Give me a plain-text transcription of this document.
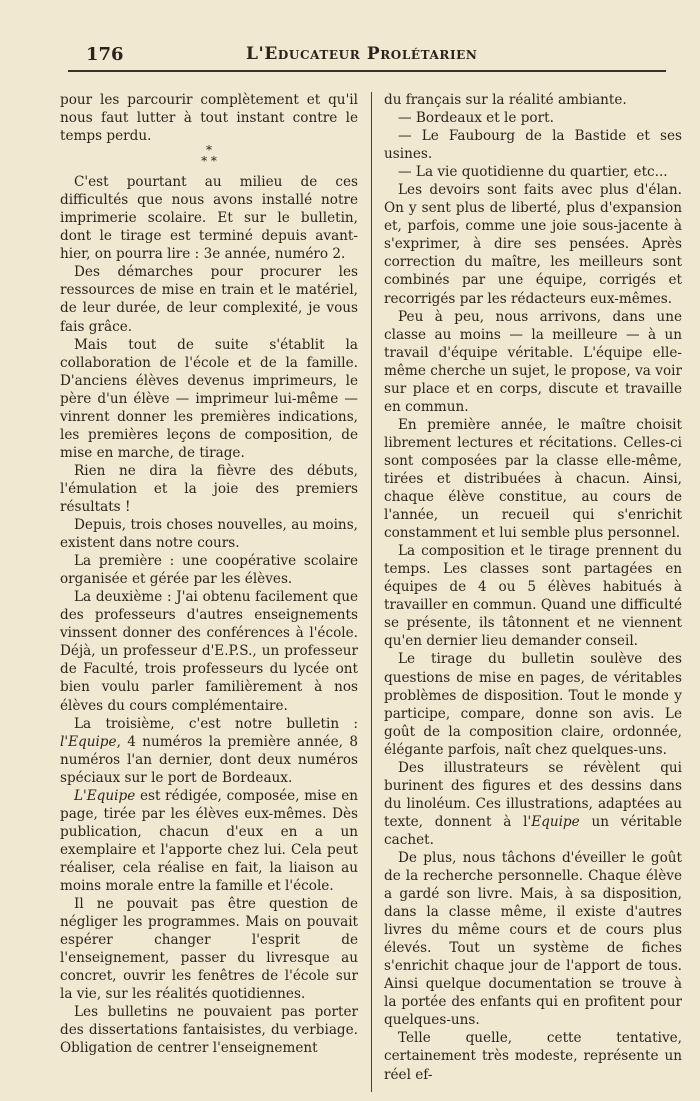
176	L'Educateur Prolétarien

pour les parcourir complètement et qu'il nous faut lutter à tout instant contre le temps perdu.

*
* *

C'est pourtant au milieu de ces difficultés que nous avons installé notre imprimerie scolaire. Et sur le bulletin, dont le tirage est terminé depuis avant-hier, on pourra lire : 3e année, numéro 2.

Des démarches pour procurer les ressources de mise en train et le matériel, de leur durée, de leur complexité, je vous fais grâce.

Mais tout de suite s'établit la collaboration de l'école et de la famille. D'anciens élèves devenus imprimeurs, le père d'un élève — imprimeur lui-même — vinrent donner les premières indications, les premières leçons de composition, de mise en marche, de tirage.

Rien ne dira la fièvre des débuts, l'émulation et la joie des premiers résultats !

Depuis, trois choses nouvelles, au moins, existent dans notre cours.

La première : une coopérative scolaire organisée et gérée par les élèves.

La deuxième : J'ai obtenu facilement que des professeurs d'autres enseignements vinssent donner des conférences à l'école. Déjà, un professeur d'E.P.S., un professeur de Faculté, trois professeurs du lycée ont bien voulu parler familièrement à nos élèves du cours complémentaire.

La troisième, c'est notre bulletin : l'Equipe, 4 numéros la première année, 8 numéros l'an dernier, dont deux numéros spéciaux sur le port de Bordeaux.

L'Equipe est rédigée, composée, mise en page, tirée par les élèves eux-mêmes. Dès publication, chacun d'eux en a un exemplaire et l'apporte chez lui. Cela peut réaliser, cela réalise en fait, la liaison au moins morale entre la famille et l'école.

Il ne pouvait pas être question de négliger les programmes. Mais on pouvait espérer changer l'esprit de l'enseignement, passer du livresque au concret, ouvrir les fenêtres de l'école sur la vie, sur les réalités quotidiennes.

Les bulletins ne pouvaient pas porter des dissertations fantaisistes, du verbiage. Obligation de centrer l'enseignement

du français sur la réalité ambiante.

— Bordeaux et le port.

— Le Faubourg de la Bastide et ses usines.

— La vie quotidienne du quartier, etc...

Les devoirs sont faits avec plus d'élan. On y sent plus de liberté, plus d'expansion et, parfois, comme une joie sous-jacente à s'exprimer, à dire ses pensées. Après correction du maître, les meilleurs sont combinés par une équipe, corrigés et recorrigés par les rédacteurs eux-mêmes.

Peu à peu, nous arrivons, dans une classe au moins — la meilleure — à un travail d'équipe véritable. L'équipe elle-même cherche un sujet, le propose, va voir sur place et en corps, discute et travaille en commun.

En première année, le maître choisit librement lectures et récitations. Celles-ci sont composées par la classe elle-même, tirées et distribuées à chacun. Ainsi, chaque élève constitue, au cours de l'année, un recueil qui s'enrichit constamment et lui semble plus personnel.

La composition et le tirage prennent du temps. Les classes sont partagées en équipes de 4 ou 5 élèves habitués à travailler en commun. Quand une difficulté se présente, ils tâtonnent et ne viennent qu'en dernier lieu demander conseil.

Le tirage du bulletin soulève des questions de mise en pages, de véritables problèmes de disposition. Tout le monde y participe, compare, donne son avis. Le goût de la composition claire, ordonnée, élégante parfois, naît chez quelques-uns.

Des illustrateurs se révèlent qui burinent des figures et des dessins dans du linoléum. Ces illustrations, adaptées au texte, donnent à l'Equipe un véritable cachet.

De plus, nous tâchons d'éveiller le goût de la recherche personnelle. Chaque élève a gardé son livre. Mais, à sa disposition, dans la classe même, il existe d'autres livres du même cours et de cours plus élevés. Tout un système de fiches s'enrichit chaque jour de l'apport de tous. Ainsi quelque documentation se trouve à la portée des enfants qui en profitent pour quelques-uns.

Telle quelle, cette tentative, certainement très modeste, représente un réel ef-
